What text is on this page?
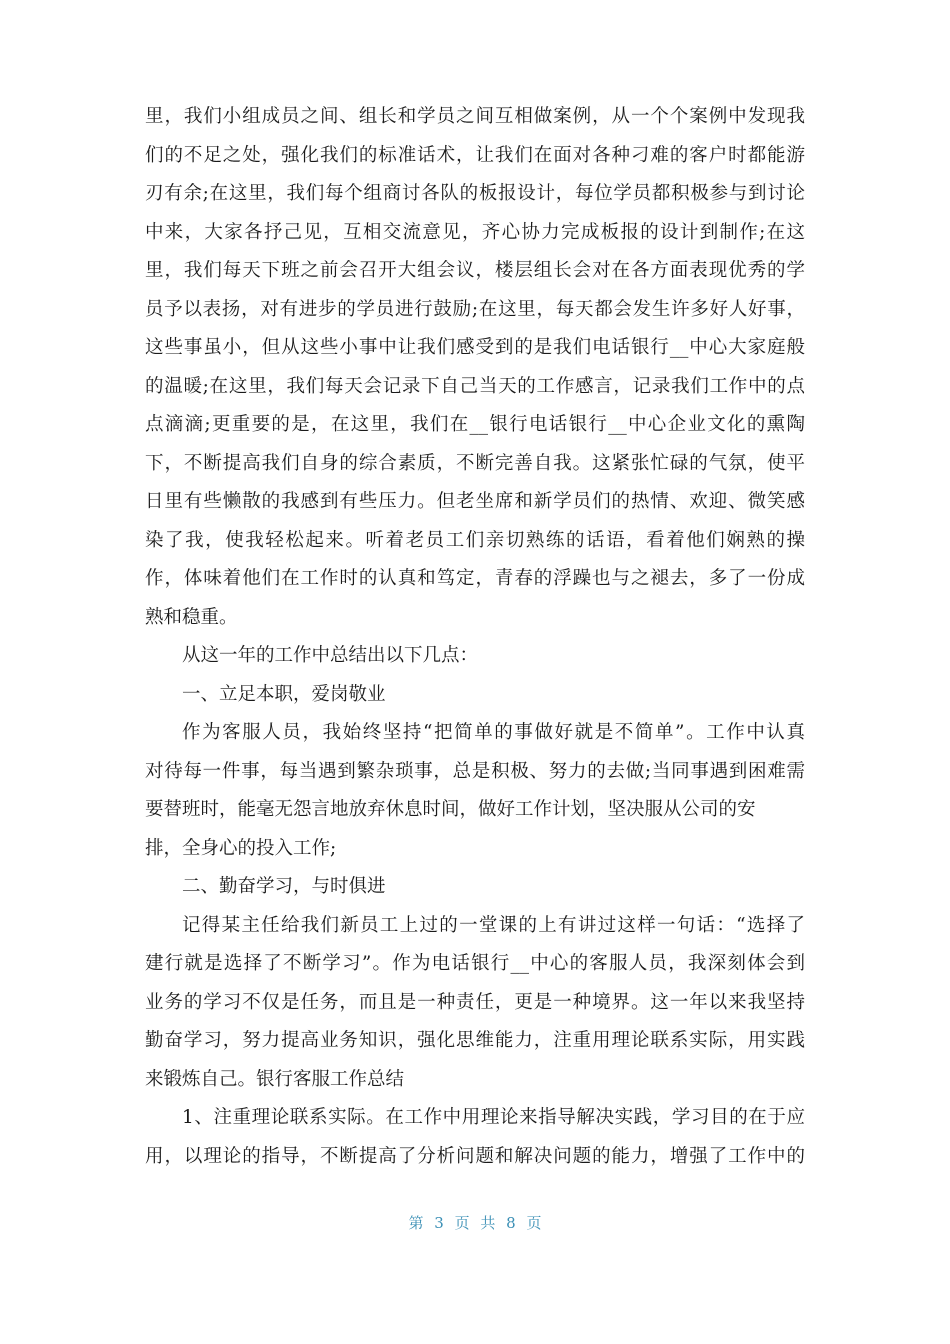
里，我们小组成员之间、组长和学员之间互相做案例，从一个个案例中发现我
们的不足之处，强化我们的标准话术，让我们在面对各种刁难的客户时都能游
刃有余;在这里，我们每个组商讨各队的板报设计，每位学员都积极参与到讨论
中来，大家各抒己见，互相交流意见，齐心协力完成板报的设计到制作;在这
里，我们每天下班之前会召开大组会议，楼层组长会对在各方面表现优秀的学
员予以表扬，对有进步的学员进行鼓励;在这里，每天都会发生许多好人好事，
这些事虽小，但从这些小事中让我们感受到的是我们电话银行__中心大家庭般
的温暖;在这里，我们每天会记录下自己当天的工作感言，记录我们工作中的点
点滴滴;更重要的是，在这里，我们在__银行电话银行__中心企业文化的熏陶
下，不断提高我们自身的综合素质，不断完善自我。这紧张忙碌的气氛，使平
日里有些懒散的我感到有些压力。但老坐席和新学员们的热情、欢迎、微笑感
染了我，使我轻松起来。听着老员工们亲切熟练的话语，看着他们娴熟的操
作，体味着他们在工作时的认真和笃定，青春的浮躁也与之褪去，多了一份成
熟和稳重。
从这一年的工作中总结出以下几点：
一、立足本职，爱岗敬业
作为客服人员，我始终坚持“把简单的事做好就是不简单”。工作中认真
对待每一件事，每当遇到繁杂琐事，总是积极、努力的去做;当同事遇到困难需
要替班时，能毫无怨言地放弃休息时间，做好工作计划，坚决服从公司的安
排，全身心的投入工作;
二、勤奋学习，与时俱进
记得某主任给我们新员工上过的一堂课的上有讲过这样一句话：“选择了
建行就是选择了不断学习”。作为电话银行__中心的客服人员，我深刻体会到
业务的学习不仅是任务，而且是一种责任，更是一种境界。这一年以来我坚持
勤奋学习，努力提高业务知识，强化思维能力，注重用理论联系实际，用实践
来锻炼自己。银行客服工作总结
1、注重理论联系实际。在工作中用理论来指导解决实践，学习目的在于应
用，以理论的指导，不断提高了分析问题和解决问题的能力，增强了工作中的
第 3 页 共 8 页
